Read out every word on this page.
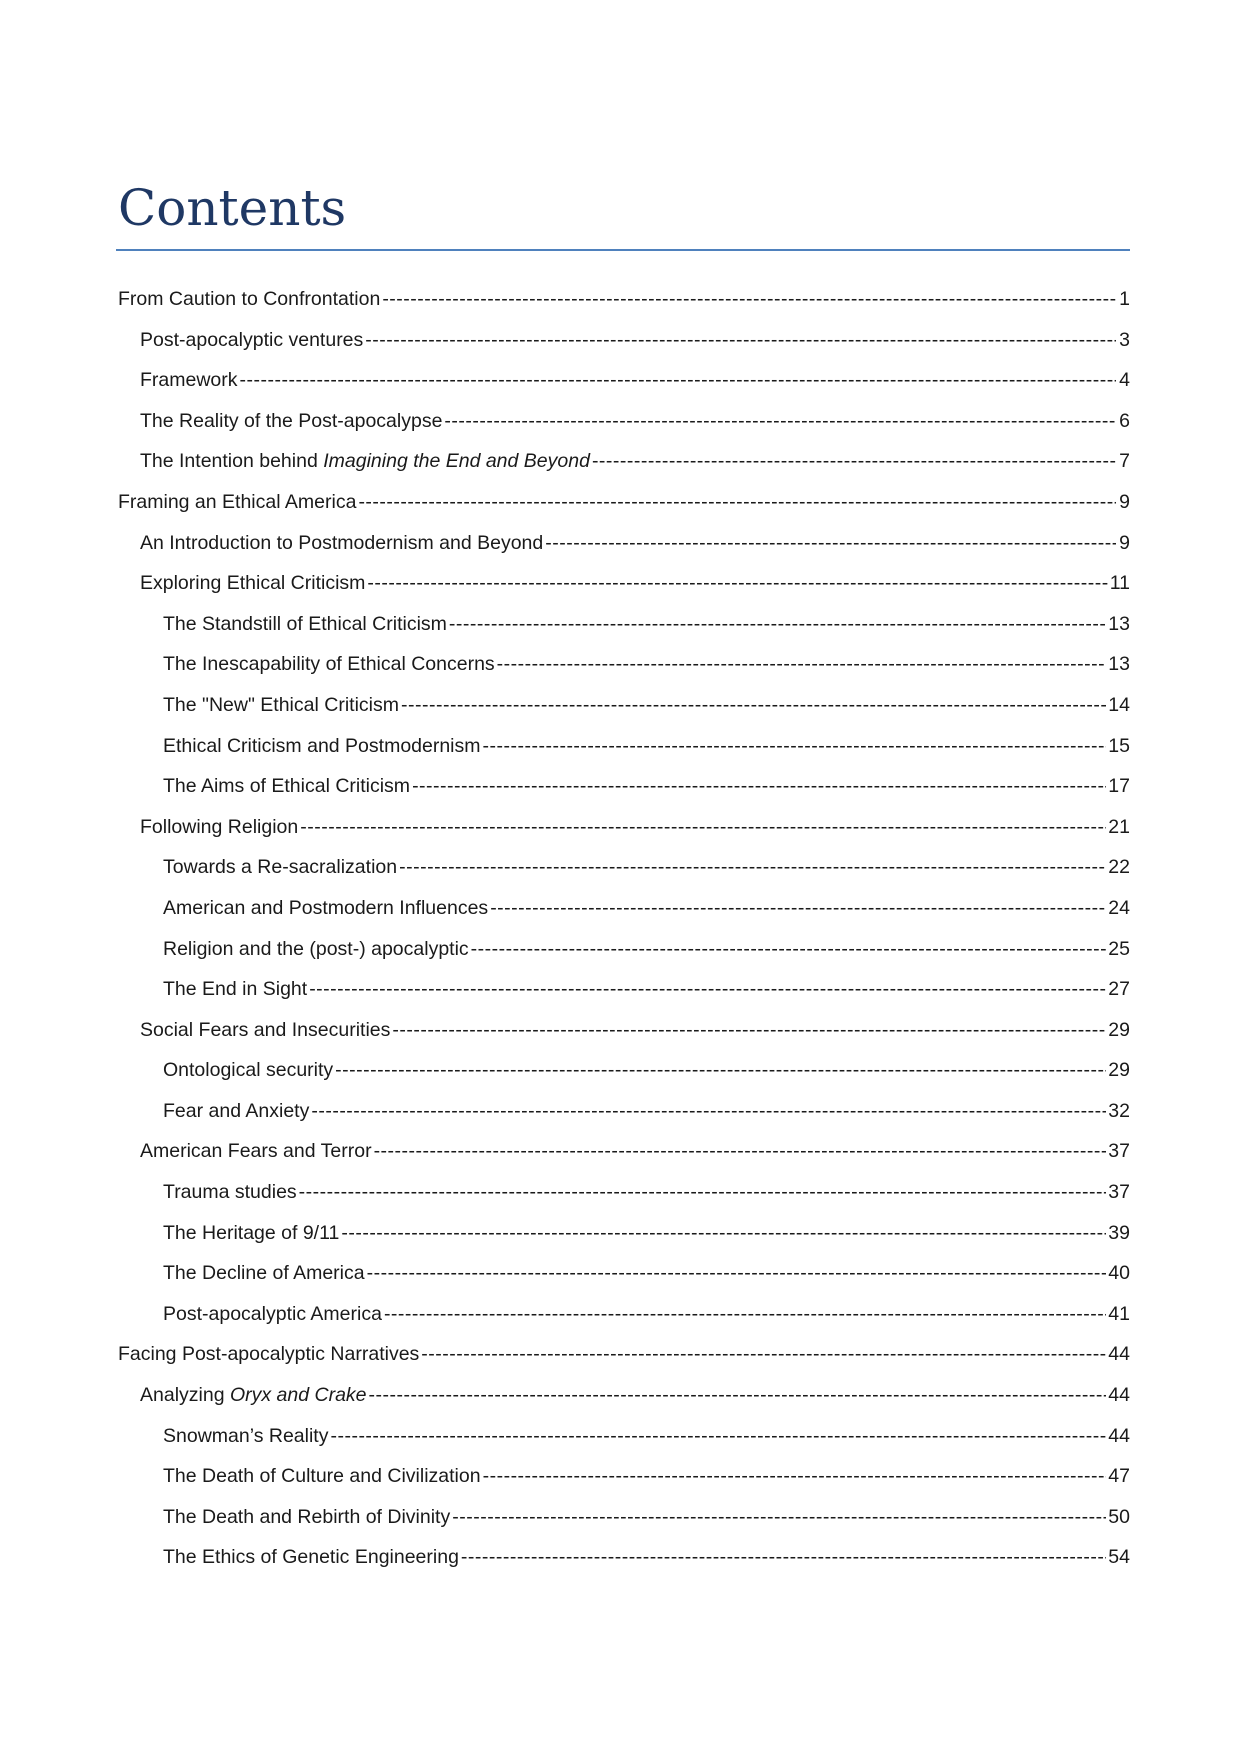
Contents
From Caution to Confrontation -----	1
Post-apocalyptic ventures -----	3
Framework -----	4
The Reality of the Post-apocalypse -----	6
The Intention behind Imagining the End and Beyond -----	7
Framing an Ethical America -----	9
An Introduction to Postmodernism and Beyond -----	9
Exploring Ethical Criticism -----	11
The Standstill of Ethical Criticism -----	13
The Inescapability of Ethical Concerns -----	13
The "New" Ethical Criticism -----	14
Ethical Criticism and Postmodernism -----	15
The Aims of Ethical Criticism -----	17
Following Religion -----	21
Towards a Re-sacralization -----	22
American and Postmodern Influences -----	24
Religion and the (post-) apocalyptic -----	25
The End in Sight -----	27
Social Fears and Insecurities -----	29
Ontological security -----	29
Fear and Anxiety -----	32
American Fears and Terror -----	37
Trauma studies -----	37
The Heritage of 9/11 -----	39
The Decline of America -----	40
Post-apocalyptic America -----	41
Facing Post-apocalyptic Narratives -----	44
Analyzing Oryx and Crake -----	44
Snowman’s Reality -----	44
The Death of Culture and Civilization -----	47
The Death and Rebirth of Divinity -----	50
The Ethics of Genetic Engineering -----	54
